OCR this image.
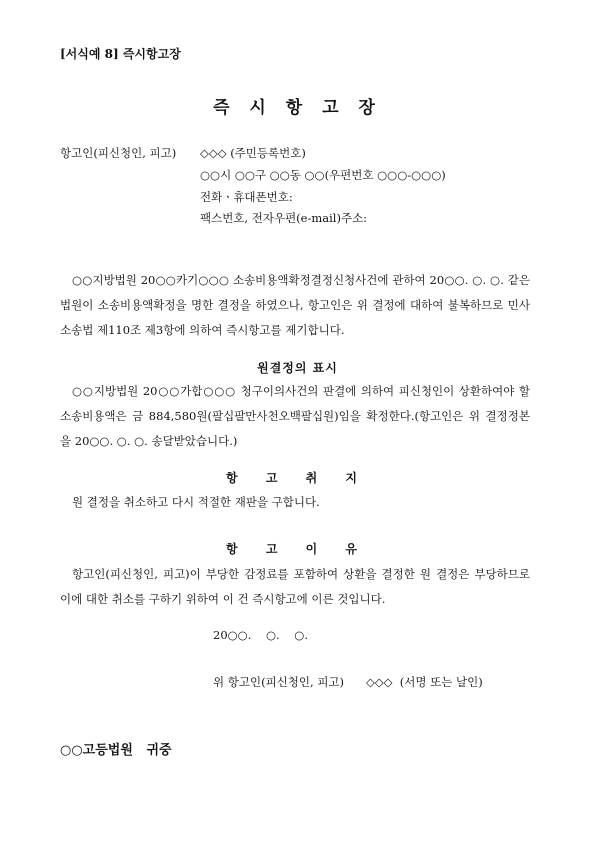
[서식예 8] 즉시항고장
즉 시 항 고 장
항고인(피신청인, 피고) ◇◇◇ (주민등록번호)
○○시 ○○구 ○○동 ○○(우편번호 ○○○-○○○)
전화ㆍ휴대폰번호:
팩스번호, 전자우편(e-mail)주소:
○○지방법원 20○○카기○○○ 소송비용액확정결정신청사건에 관하여 20○○. ○. ○. 같은 법원이 소송비용액확정을 명한 결정을 하였으나, 항고인은 위 결정에 대하여 불복하므로 민사소송법 제110조 제3항에 의하여 즉시항고를 제기합니다.
원결정의 표시
○○지방법원 20○○가합○○○ 청구이의사건의 판결에 의하여 피신청인이 상환하여야 할 소송비용액은 금 884,580원(팔십팔만사천오백팔십원)임을 확정한다.(항고인은 위 결정정본을 20○○. ○. ○. 송달받았습니다.)
항 고 취 지
원 결정을 취소하고 다시 적절한 재판을 구합니다.
항 고 이 유
항고인(피신청인, 피고)이 부당한 감정료를 포함하여 상환을 결정한 원 결정은 부당하므로 이에 대한 취소를 구하기 위하여 이 건 즉시항고에 이른 것입니다.
20○○.    ○.    ○.
위 항고인(피신청인, 피고)      ◇◇◇  (서명 또는 날인)
○○고등법원   귀중
